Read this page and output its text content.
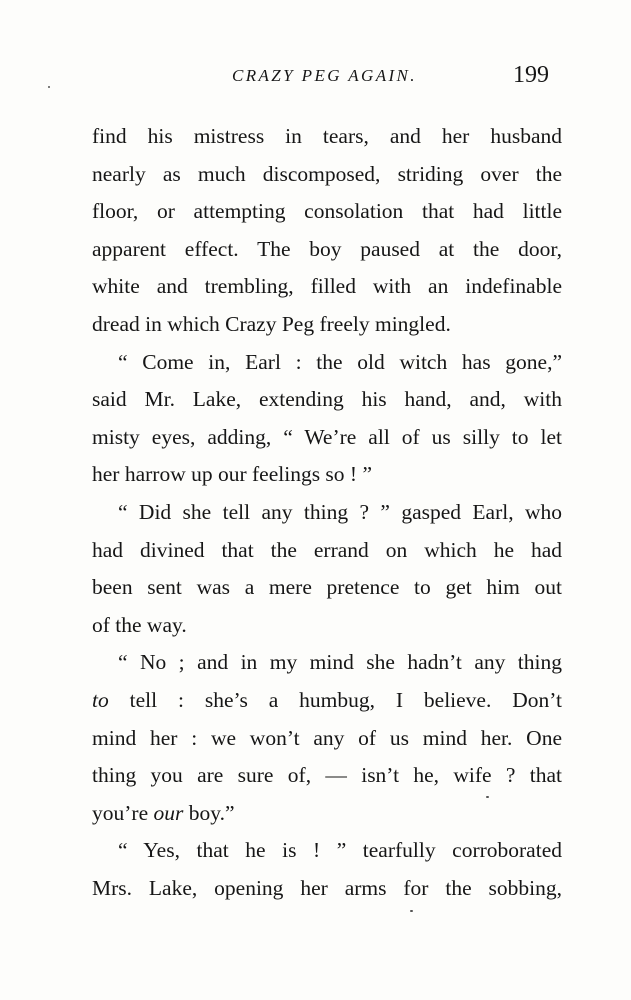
CRAZY PEG AGAIN.	199
find his mistress in tears, and her husband
nearly as much discomposed, striding over the
floor, or attempting consolation that had little
apparent effect. The boy paused at the door,
white and trembling, filled with an indefinable
dread in which Crazy Peg freely mingled.
“ Come in, Earl : the old witch has gone,”
said Mr. Lake, extending his hand, and, with
misty eyes, adding, “ We’re all of us silly to let
her harrow up our feelings so ! ”
“ Did she tell any thing ? ” gasped Earl, who
had divined that the errand on which he had
been sent was a mere pretence to get him out
of the way.
“ No ; and in my mind she hadn’t any thing
to tell : she’s a humbug, I believe. Don’t
mind her : we won’t any of us mind her. One
thing you are sure of, — isn’t he, wife ? that
you’re our boy.”
“ Yes, that he is ! ” tearfully corroborated
Mrs. Lake, opening her arms for the sobbing,
